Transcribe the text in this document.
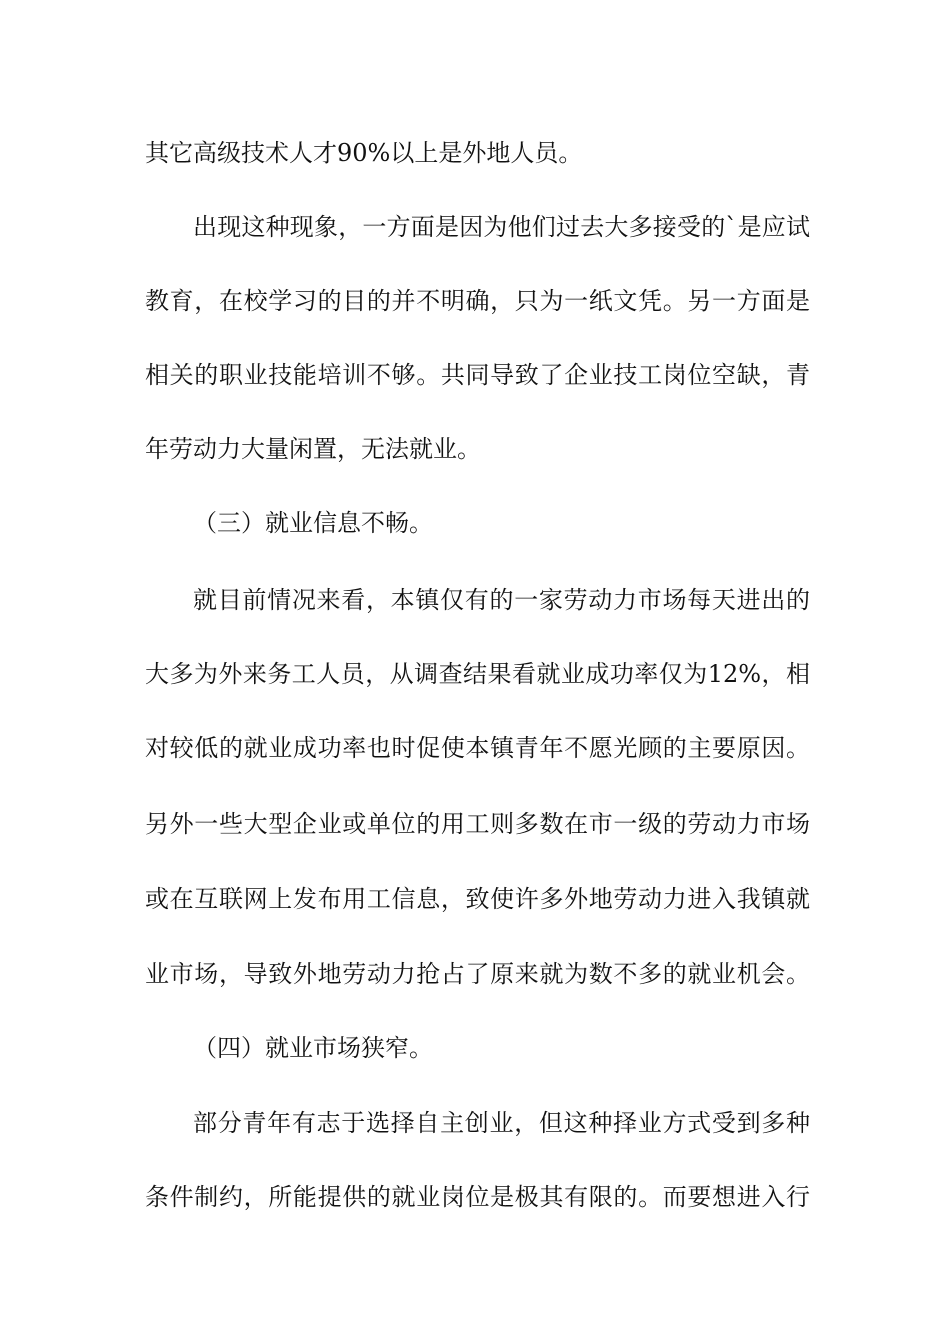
其它高级技术人才90%以上是外地人员。
出现这种现象，一方面是因为他们过去大多接受的`是应试
教育，在校学习的目的并不明确，只为一纸文凭。另一方面是
相关的职业技能培训不够。共同导致了企业技工岗位空缺，青
年劳动力大量闲置，无法就业。
（三）就业信息不畅。
就目前情况来看，本镇仅有的一家劳动力市场每天进出的
大多为外来务工人员，从调查结果看就业成功率仅为12%，相
对较低的就业成功率也时促使本镇青年不愿光顾的主要原因。
另外一些大型企业或单位的用工则多数在市一级的劳动力市场
或在互联网上发布用工信息，致使许多外地劳动力进入我镇就
业市场，导致外地劳动力抢占了原来就为数不多的就业机会。
（四）就业市场狭窄。
部分青年有志于选择自主创业，但这种择业方式受到多种
条件制约，所能提供的就业岗位是极其有限的。而要想进入行
